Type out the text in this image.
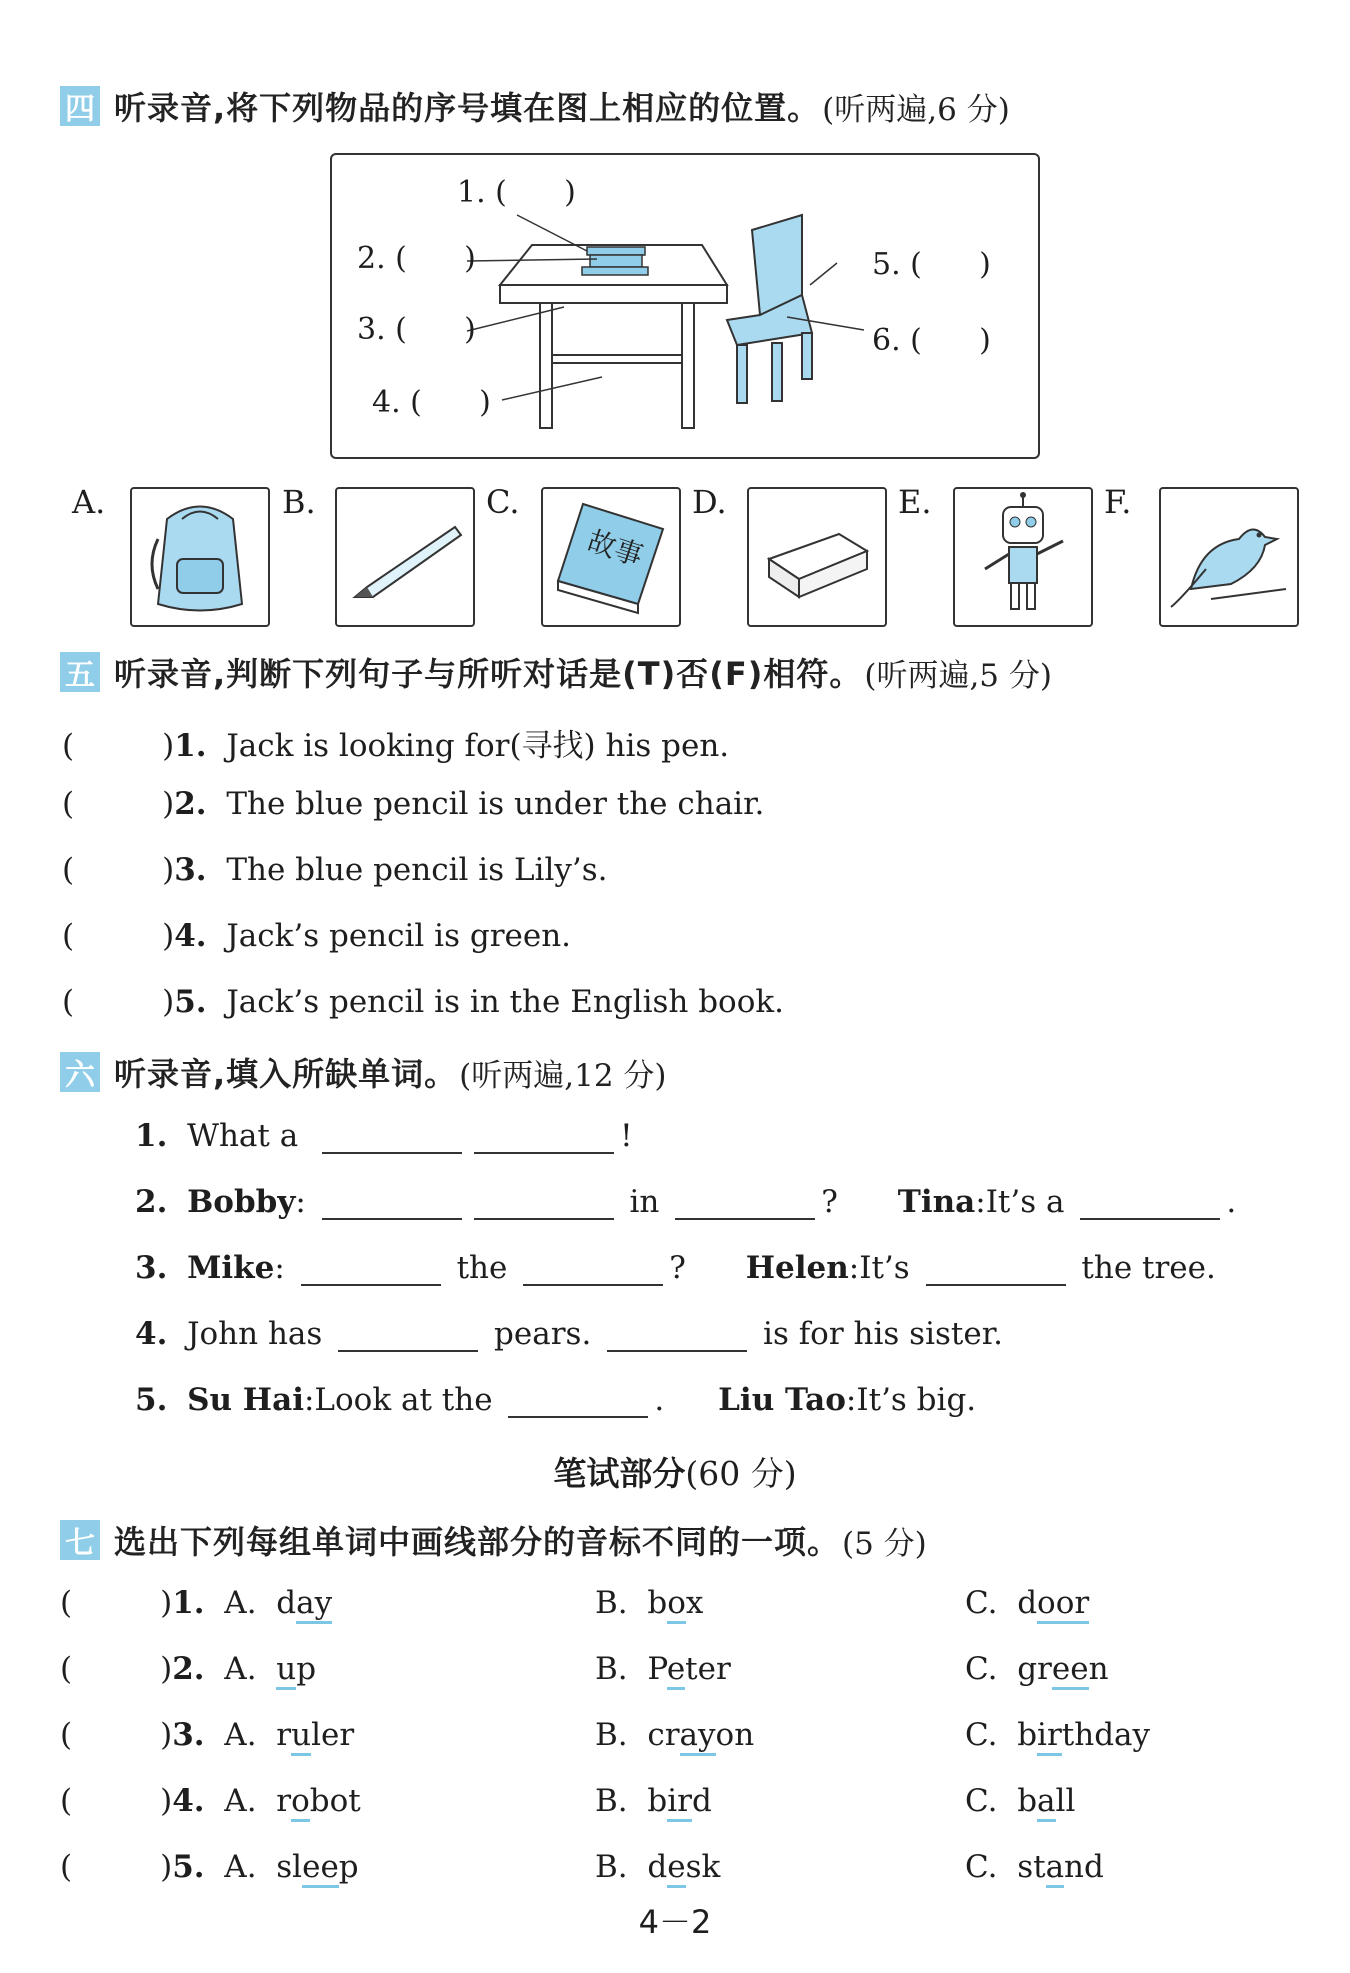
四 听录音,将下列物品的序号填在图上相应的位置。 (听两遍,6 分)
1. (      )
2. (      )
3. (      )
4. (      )
5. (      )
6. (      )
A.	B.	C.
故事
D.	E.	F.
五 听录音,判断下列句子与所听对话是(T)否(F)相符。 (听两遍,5 分)
(	)1. Jack is looking for(寻找) his pen.
(	)2. The blue pencil is under the chair.
(	)3. The blue pencil is Lily’s.
(	)4. Jack’s pencil is green.
(	)5. Jack’s pencil is in the English book.
六 听录音,填入所缺单词。 (听两遍,12 分)
1. What a	!
2. Bobby:	in	? Tina:It’s a	.
3. Mike:	the	? Helen:It’s	the tree.
4. John has	pears.	is for his sister.
5. Su Hai:Look at the	. Liu Tao:It’s big.
笔试部分(60 分)
七 选出下列每组单词中画线部分的音标不同的一项。 (5 分)
(	)1.  A.  day	B.  box	C.  door
(	)2.  A.  up	B.  Peter	C.  green
(	)3.  A.  ruler	B.  crayon	C.  birthday
(	)4.  A.  robot	B.  bird	C.  ball
(	)5.  A.  sleep	B.  desk	C.  stand
4－2
